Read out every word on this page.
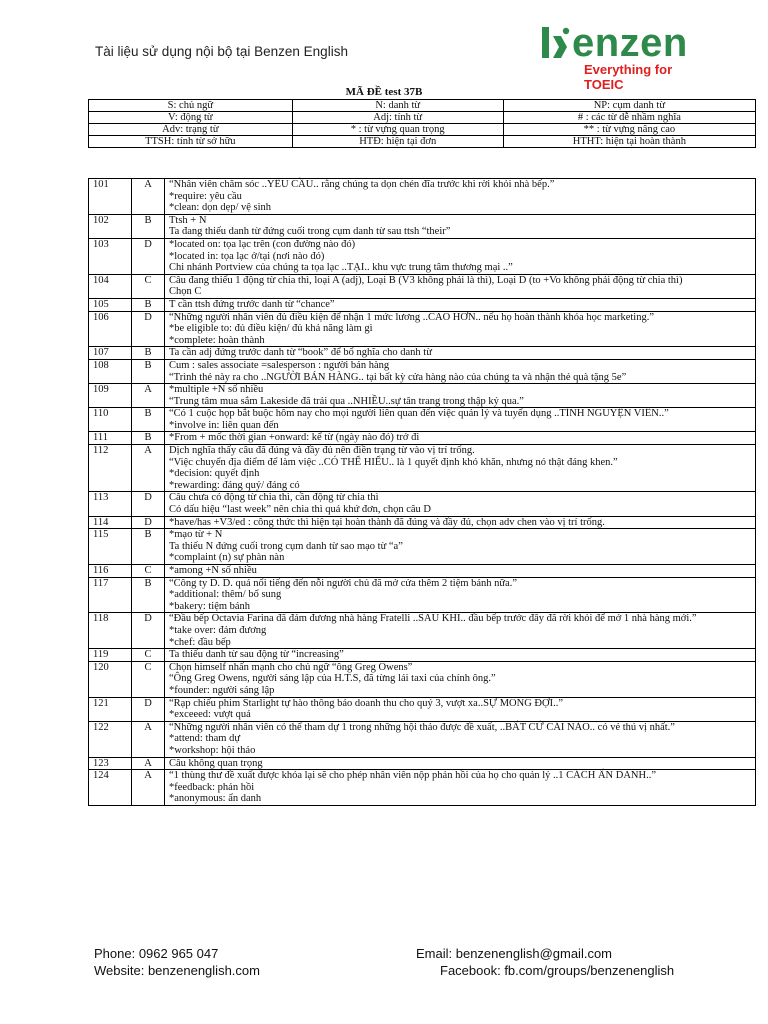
Tài liệu sử dụng nội bộ tại Benzen English	enzen
Everything for TOEIC
MÃ ĐỀ test 37B
S: chủ ngữ	N: danh từ	NP: cụm danh từ
V: động từ	Adj: tính từ	# : các từ dễ nhầm nghĩa
Adv: trạng từ	* : từ vựng quan trọng	** : từ vựng nâng cao
TTSH: tính từ sở hữu	HTĐ: hiện tại đơn	HTHT: hiện tại hoàn thành
101	A	“Nhân viên chăm sóc ..YÊU CẦU.. rằng chúng ta dọn chén đĩa trước khi rời khỏi nhà bếp.”
*require: yêu cầu
*clean: dọn dẹp/ vệ sinh

102	B	Ttsh + N
Ta đang thiếu danh từ đứng cuối trong cụm danh từ sau ttsh “their”

103	D	*located on: tọa lạc trên (con đường nào đó)
*located in: tọa lạc ở/tại (nơi nào đó)
Chi nhánh Portview của chúng ta tọa lạc ..TẠI.. khu vực trung tâm thương mại ..”

104	C	Câu đang thiếu 1 động từ chia thì, loại A (adj), Loại B (V3 không phải là thì), Loại D (to +Vo không phải động từ chia thì)
Chọn C

105	B	T cần ttsh đứng trước danh từ “chance”

106	D	“Những người nhân viên đủ điều kiện để nhận 1 mức lương ..CAO HƠN.. nếu họ hoàn thành khóa học marketing.”
*be eligible to: đủ điều kiện/ đủ khả năng làm gì
*complete: hoàn thành

107	B	Ta cần adj đứng trước danh từ “book” để bổ nghĩa cho danh từ

108	B	Cum : sales associate =salesperson : người bán hàng
“Trình thẻ này ra cho ..NGƯỜI BÁN HÀNG.. tại bất kỳ cửa hàng nào của chúng ta và nhận thẻ quà tặng 5e”

109	A	*multiple +N số nhiều
“Trung tâm mua sắm Lakeside đã trải qua ..NHIỀU..sự tân trang trong thập kỷ qua.”

110	B	“Có 1 cuộc họp bắt buộc hôm nay cho mọi người liên quan đến việc quản lý và tuyển dụng ..TÍNH NGUYỆN VIÊN..”
*involve in: liên quan đến

111	B	*From + mốc thời gian +onward: kể từ (ngày nào đó) trở đi

112	A	Dịch nghĩa thấy câu đã đúng và đầy đủ nên điền trạng từ vào vị trí trống.
“Việc chuyển địa điểm để làm việc ..CÓ THỂ HIỂU.. là 1 quyết định khó khăn, nhưng nó thật đáng khen.”
*decision: quyết định
*rewarding: đáng quý/ đáng có

113	D	Câu chưa có động từ chia thì, cần động từ chia thì
Có dấu hiệu “last week” nên chia thì quá khứ đơn, chọn câu D

114	D	*have/has +V3/ed : công thức thì hiện tại hoàn thành đã đúng và đầy đủ, chọn adv chen vào vị trí trống.

115	B	*mạo từ + N
Ta thiếu N đứng cuối trong cụm danh từ sao mạo từ “a”
*complaint (n) sự phàn nàn

116	C	*among +N số nhiều

117	B	“Công ty D. D. quá nổi tiếng đến nỗi người chủ đã mở cửa thêm 2 tiệm bánh nữa.”
*additional: thêm/ bổ sung
*bakery: tiệm bánh

118	D	“Đầu bếp Octavia Farina đã đảm đương nhà hàng Fratelli ..SAU KHI.. đầu bếp trước đây đã rời khỏi để mở 1 nhà hàng mới.”
*take over: đảm đương
*chef: đầu bếp

119	C	Ta thiếu danh từ sau động từ “increasing”

120	C	Chọn himself nhấn mạnh cho chủ ngữ “ông Greg Owens”
“Ông Greg Owens, người sáng lập của H.T.S, đã từng lái taxi của chính ông.”
*founder: người sáng lập

121	D	“Rạp chiếu phim Starlight tự hào thông báo doanh thu cho quý 3, vượt xa..SỰ MONG ĐỢI..”
*exceeed: vượt quá

122	A	“Những người nhân viên có thể tham dự 1 trong những hội thảo được đề xuất, ..BẤT CỨ CÁI NÀO.. có vẻ thú vị nhất.”
*attend: tham dự
*workshop: hội thảo

123	A	Câu không quan trọng

124	A	“1 thùng thư đề xuất được khóa lại sẽ cho phép nhân viên nộp phản hồi của họ cho quản lý ..1 CÁCH ẨN DANH..”
*feedback: phản hồi
*anonymous: ẩn danh
Phone: 0962 965 047
Website: benzenenglish.com
Email: benzenenglish@gmail.com
Facebook: fb.com/groups/benzenenglish
